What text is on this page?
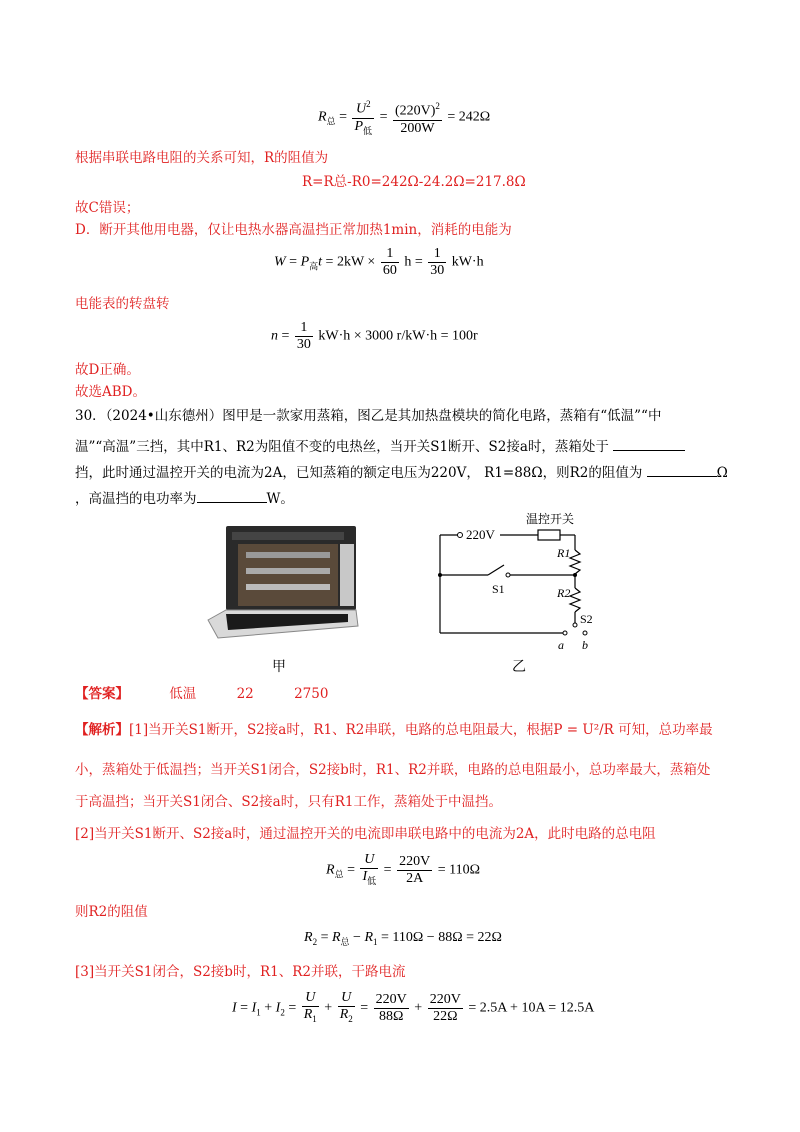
$R_总 = \frac{U^2}{P_低} = \frac{(220V)^2}{200W} = 242\Omega$
根据串联电路电阻的关系可知，R的阻值为
R=R总-R0=242Ω-24.2Ω=217.8Ω
故C错误；
D．断开其他用电器，仅让电热水器高温挡正常加热1min，消耗的电能为
$W = P_高t = 2kW \times \frac{1}{60}$ $h = \frac{1}{30} kW\cdot h$
电能表的转盘转
$n = \frac{1}{30} kW\cdot h \times 3000$ r/kW·h = 100r
故D正确。
故选ABD。
30．（2024•山东德州）图甲是一款家用蒸箱，图乙是其加热盘模块的简化电路，蒸箱有“低温”“中
温”“高温”三挡，其中R1、R2为阻值不变的电热丝，当开关S1断开、S2接a时，蒸箱处于
挡，此时通过温控开关的电流为2A，已知蒸箱的额定电压为220V， R1=88Ω，则R2的阻值为	Ω
，高温挡的电功率为	W。
220V
温控开关
R1
R2
S1
S2
a b
甲	乙
【答案】	低温	22	2750
【解析】[1]当开关S1断开，S2接a时，R1、R2串联，电路的总电阻最大，根据P = U²/R 可知，总功率最
小，蒸箱处于低温挡；当开关S1闭合，S2接b时，R1、R2并联，电路的总电阻最小，总功率最大，蒸箱处
于高温挡；当开关S1闭合、S2接a时，只有R1工作，蒸箱处于中温挡。
[2]当开关S1断开、S2接a时，通过温控开关的电流即串联电路中的电流为2A，此时电路的总电阻
$R_总 = \frac{U}{I_低} = \frac{220V}{2A} = 110\Omega$
则R2的阻值
$R_2 = R_总 - R_1 = 110\Omega - 88\Omega = 22\Omega$
[3]当开关S1闭合，S2接b时，R1、R2并联，干路电流
$I = I_1 + I_2 = \frac{U}{R_1} + \frac{U}{R_2} = \frac{220V}{88\Omega} + \frac{220V}{22\Omega} = 2.5A + 10A = 12.5A$
